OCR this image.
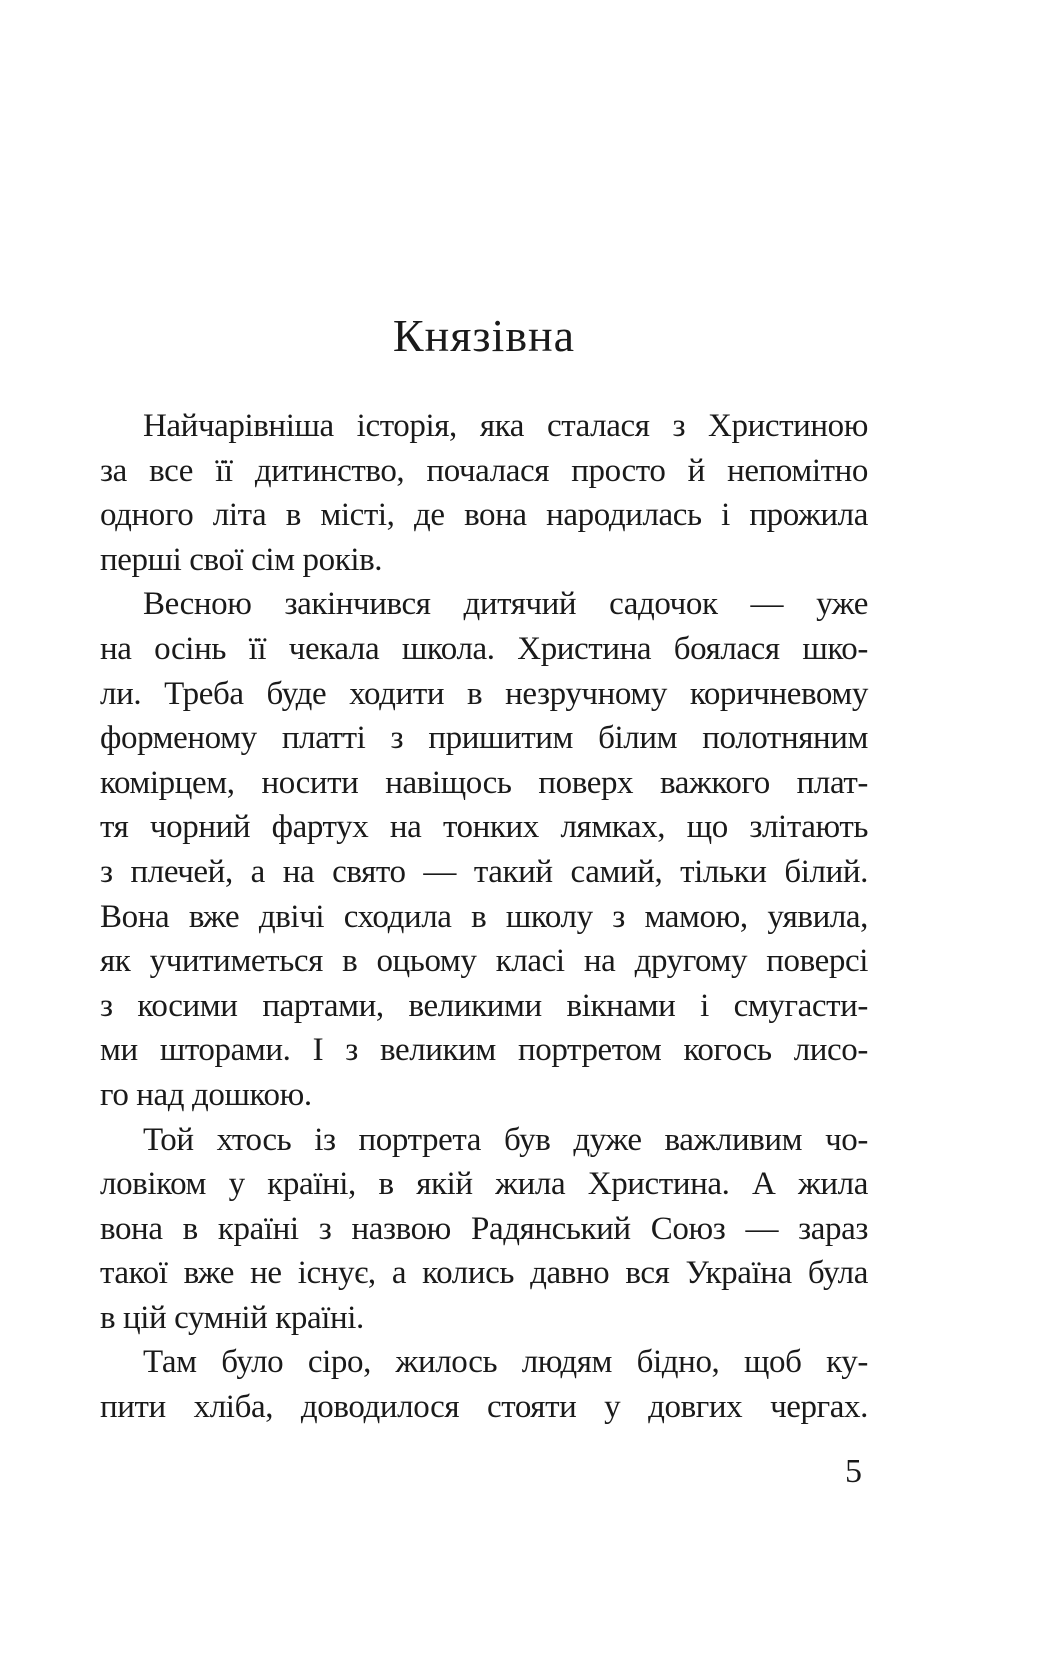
Князівна
Найчарівніша історія, яка сталася з Христиною
за все її дитинство, почалася просто й непомітно
одного літа в місті, де вона народилась і прожила
перші свої сім років.
Весною закінчився дитячий садочок — уже
на осінь її чекала школа. Христина боялася шко-
ли. Треба буде ходити в незручному коричневому
форменому платті з пришитим білим полотняним
комірцем, носити навіщось поверх важкого плат-
тя чорний фартух на тонких лямках, що злітають
з плечей, а на свято — такий самий, тільки білий.
Вона вже двічі сходила в школу з мамою, уявила,
як учитиметься в оцьому класі на другому поверсі
з косими партами, великими вікнами і смугасти-
ми шторами. І з великим портретом когось лисо-
го над дошкою.
Той хтось із портрета був дуже важливим чо-
ловіком у країні, в якій жила Христина. А жила
вона в країні з назвою Радянський Союз — зараз
такої вже не існує, а колись давно вся Україна була
в цій сумній країні.
Там було сіро, жилось людям бідно, щоб ку-
пити хліба, доводилося стояти у довгих чергах.
5
